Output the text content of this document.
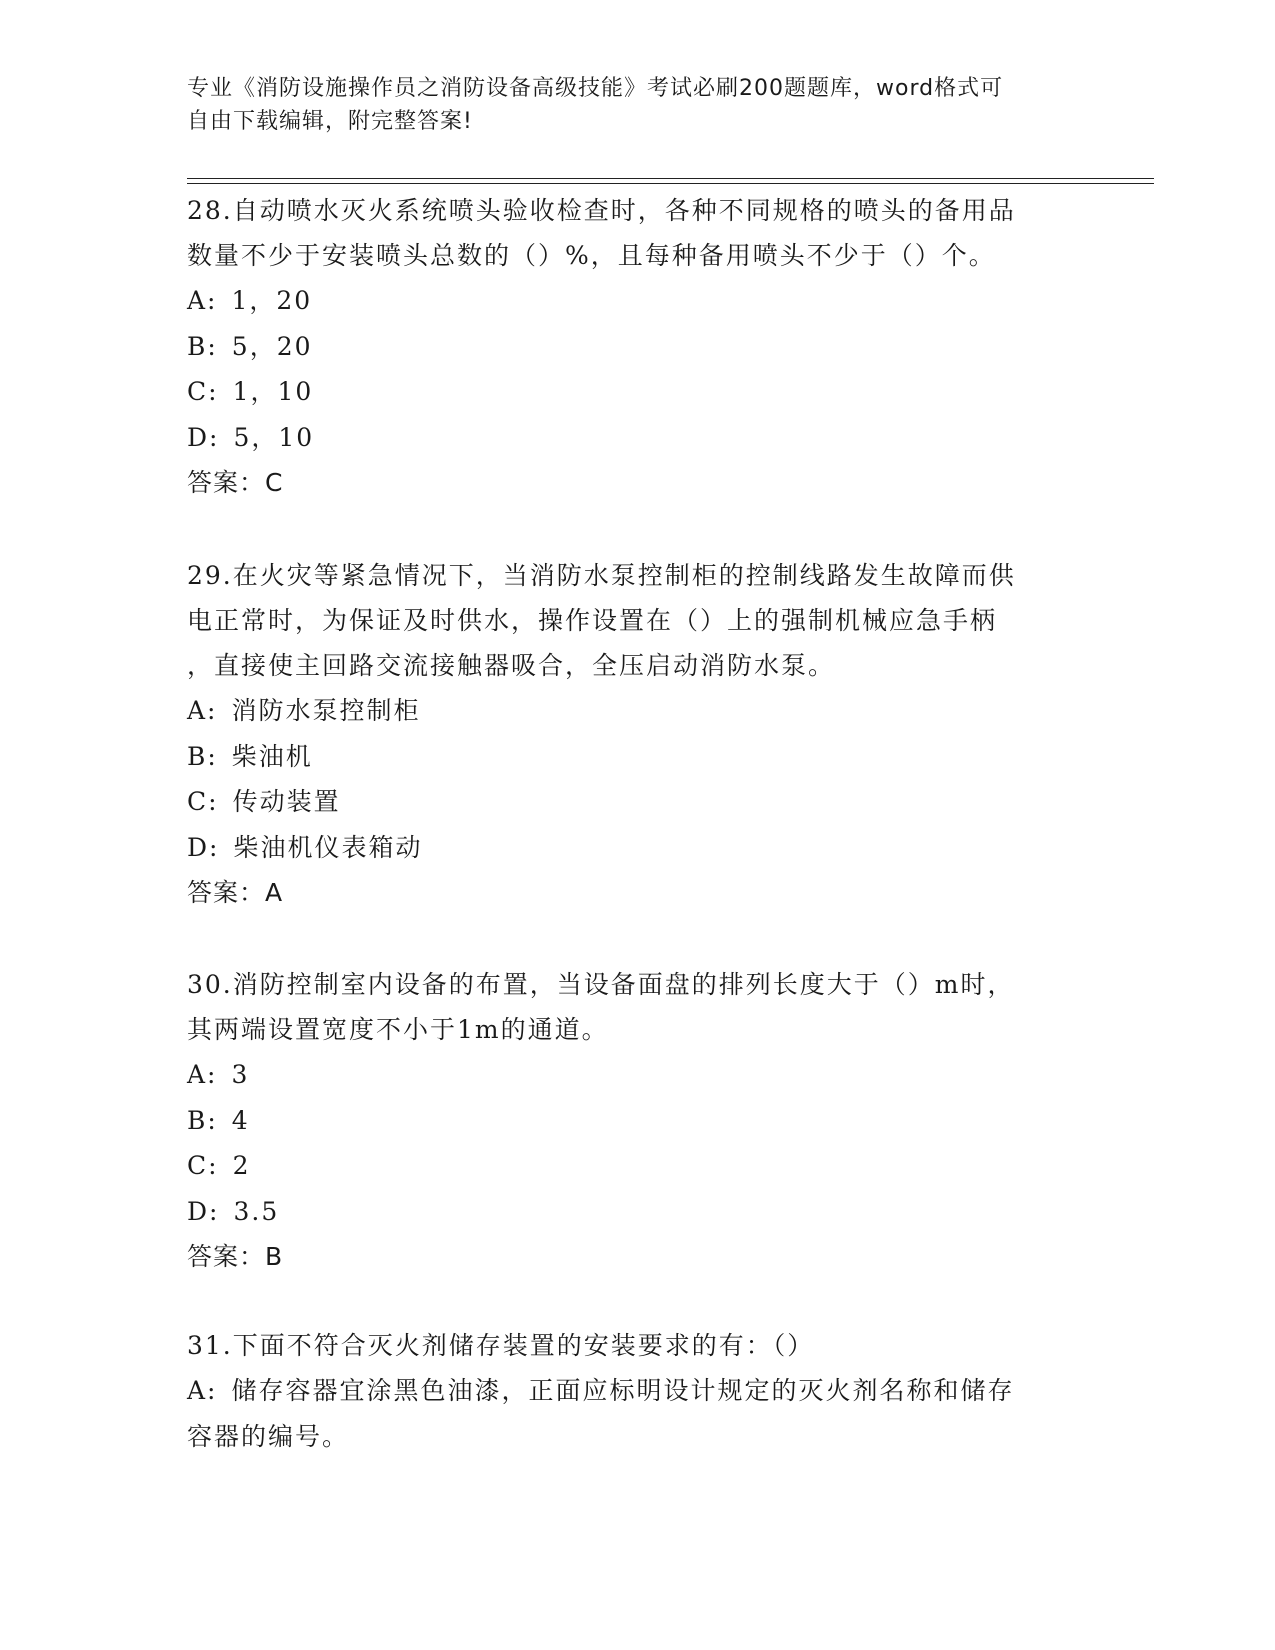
专业《消防设施操作员之消防设备高级技能》考试必刷200题题库，word格式可
自由下载编辑，附完整答案!

28.自动喷水灭火系统喷头验收检查时，各种不同规格的喷头的备用品

数量不少于安装喷头总数的（）%，且每种备用喷头不少于（）个。

A: 1，20

B: 5，20

C: 1，10

D: 5，10

答案：C

29.在火灾等紧急情况下，当消防水泵控制柜的控制线路发生故障而供

电正常时，为保证及时供水，操作设置在（）上的强制机械应急手柄

，直接使主回路交流接触器吸合，全压启动消防水泵。

A: 消防水泵控制柜

B: 柴油机

C: 传动装置

D: 柴油机仪表箱动

答案：A

30.消防控制室内设备的布置，当设备面盘的排列长度大于（）m时，

其两端设置宽度不小于1m的通道。

A: 3

B: 4

C: 2

D: 3.5

答案：B

31.下面不符合灭火剂储存装置的安装要求的有：（）

A: 储存容器宜涂黑色油漆，正面应标明设计规定的灭火剂名称和储存

容器的编号。
